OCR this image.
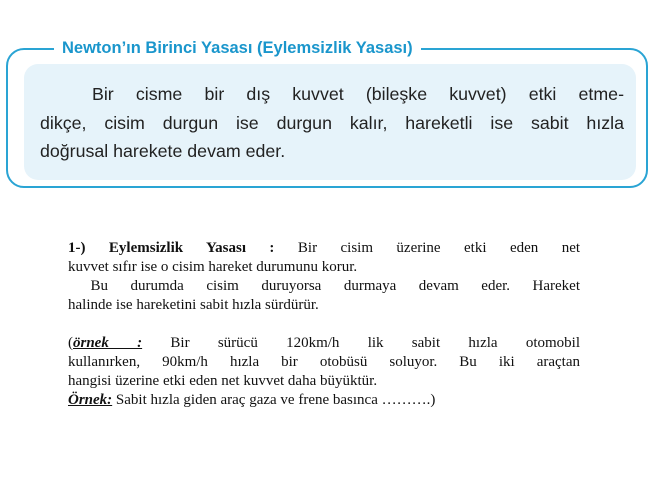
Newton’ın Birinci Yasası (Eylemsizlik Yasası)
Bir cisme bir dış kuvvet (bileşke kuvvet) etki etme-
dikçe, cisim durgun ise durgun kalır, hareketli ise sabit hızla
doğrusal harekete devam eder.
1-) Eylemsizlik Yasası : Bir cisim üzerine etki eden net
kuvvet sıfır ise o cisim hareket durumunu korur.
Bu durumda cisim duruyorsa durmaya devam eder. Hareket
halinde ise hareketini sabit hızla sürdürür.
(örnek : Bir sürücü 120km/h lik sabit hızla otomobil
kullanırken, 90km/h hızla bir otobüsü soluyor. Bu iki araçtan
hangisi üzerine etki eden net kuvvet daha büyüktür.
Örnek: Sabit hızla giden araç gaza ve frene basınca ……….)
